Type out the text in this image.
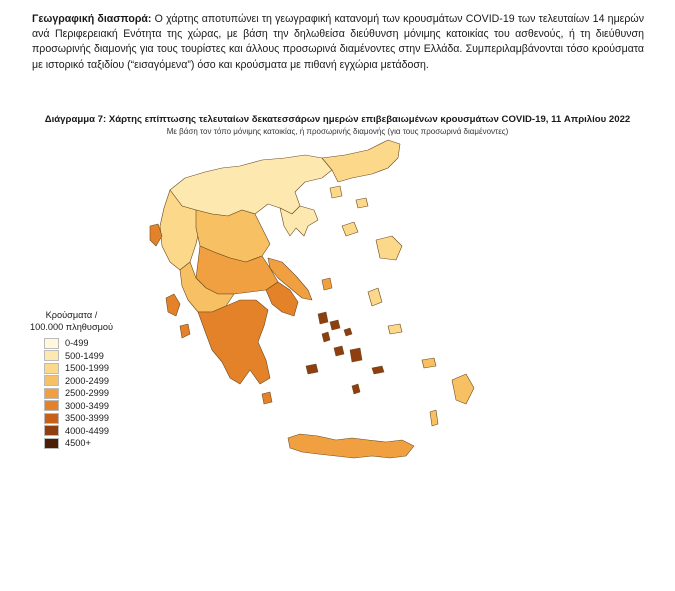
Γεωγραφική διασπορά: Ο χάρτης αποτυπώνει τη γεωγραφική κατανομή των κρουσμάτων COVID-19 των τελευταίων 14 ημερών ανά Περιφερειακή Ενότητα της χώρας, με βάση την δηλωθείσα διεύθυνση μόνιμης κατοικίας του ασθενούς, ή τη διεύθυνση προσωρινής διαμονής για τους τουρίστες και άλλους προσωρινά διαμένοντες στην Ελλάδα. Συμπεριλαμβάνονται τόσο κρούσματα με ιστορικό ταξιδίου (“εισαγόμενα”) όσο και κρούσματα με πιθανή εγχώρια μετάδοση.
Διάγραμμα 7: Χάρτης επίπτωσης τελευταίων δεκατεσσάρων ημερών επιβεβαιωμένων κρουσμάτων COVID-19, 11 Απριλίου 2022
Με βάση τον τόπο μόνιμης κατοικίας, ή προσωρινής διαμονής (για τους προσωρινά διαμένοντες)
Κρούσματα /
100.000 πληθυσμού
0-499
500-1499
1500-1999
2000-2499
2500-2999
3000-3499
3500-3999
4000-4499
4500+
